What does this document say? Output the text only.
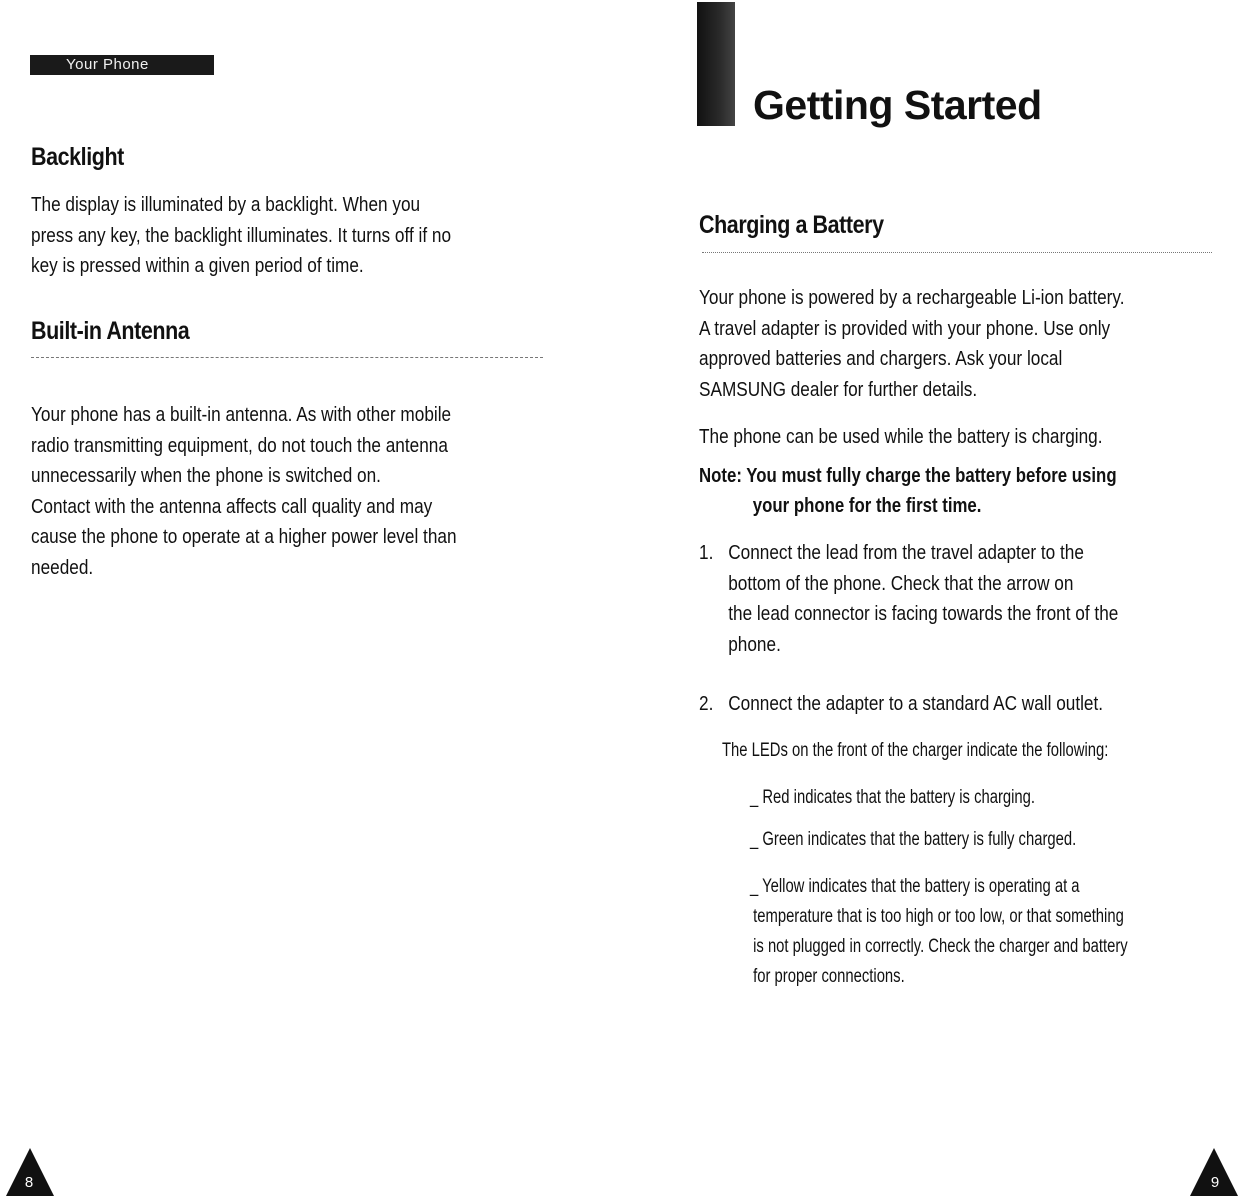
Your Phone
Backlight
The display is illuminated by a backlight. When you
press any key, the backlight illuminates. It turns off if no
key is pressed within a given period of time.
Built-in Antenna
Your phone has a built-in antenna. As with other mobile
radio transmitting equipment, do not touch the antenna
unnecessarily when the phone is switched on.
Contact with the antenna affects call quality and may
cause the phone to operate at a higher power level than
needed.
8
Getting Started
Charging a Battery
Your phone is powered by a rechargeable Li-ion battery.
A travel adapter is provided with your phone. Use only
approved batteries and chargers. Ask your local
SAMSUNG dealer for further details.
The phone can be used while the battery is charging.
Note: You must fully charge the battery before using
your phone for the first time.
1. Connect the lead from the travel adapter to the
bottom of the phone. Check that the arrow on
the lead connector is facing towards the front of the
phone.
2. Connect the adapter to a standard AC wall outlet.
The LEDs on the front of the charger indicate the following:
_ Red indicates that the battery is charging.
_ Green indicates that the battery is fully charged.
_ Yellow indicates that the battery is operating at a
temperature that is too high or too low, or that something
is not plugged in correctly. Check the charger and battery
for proper connections.
9
